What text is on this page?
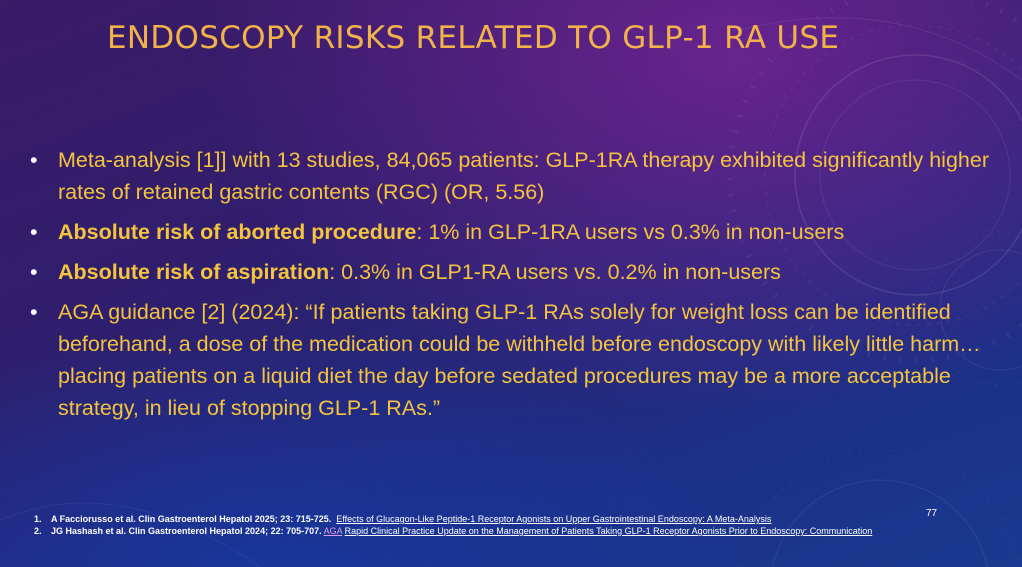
ENDOSCOPY RISKS RELATED TO GLP-1 RA USE
• Meta-analysis [1]] with 13 studies, 84,065 patients: GLP-1RA therapy exhibited significantly higher rates of retained gastric contents (RGC) (OR, 5.56)
• Absolute risk of aborted procedure: 1% in GLP-1RA users vs 0.3% in non-users
• Absolute risk of aspiration: 0.3% in GLP1-RA users vs. 0.2% in non-users
• AGA guidance [2] (2024): “If patients taking GLP-1 RAs solely for weight loss can be identified beforehand, a dose of the medication could be withheld before endoscopy with likely little harm…placing patients on a liquid diet the day before sedated procedures may be a more acceptable strategy, in lieu of stopping GLP-1 RAs.”
77
1. A Facciorusso et al. Clin Gastroenterol Hepatol 2025; 23: 715-725. Effects of Glucagon-Like Peptide-1 Receptor Agonists on Upper Gastrointestinal Endoscopy: A Meta-Analysis
2. JG Hashash et al. Clin Gastroenterol Hepatol 2024; 22: 705-707. AGA Rapid Clinical Practice Update on the Management of Patients Taking GLP-1 Receptor Agonists Prior to Endoscopy: Communication
